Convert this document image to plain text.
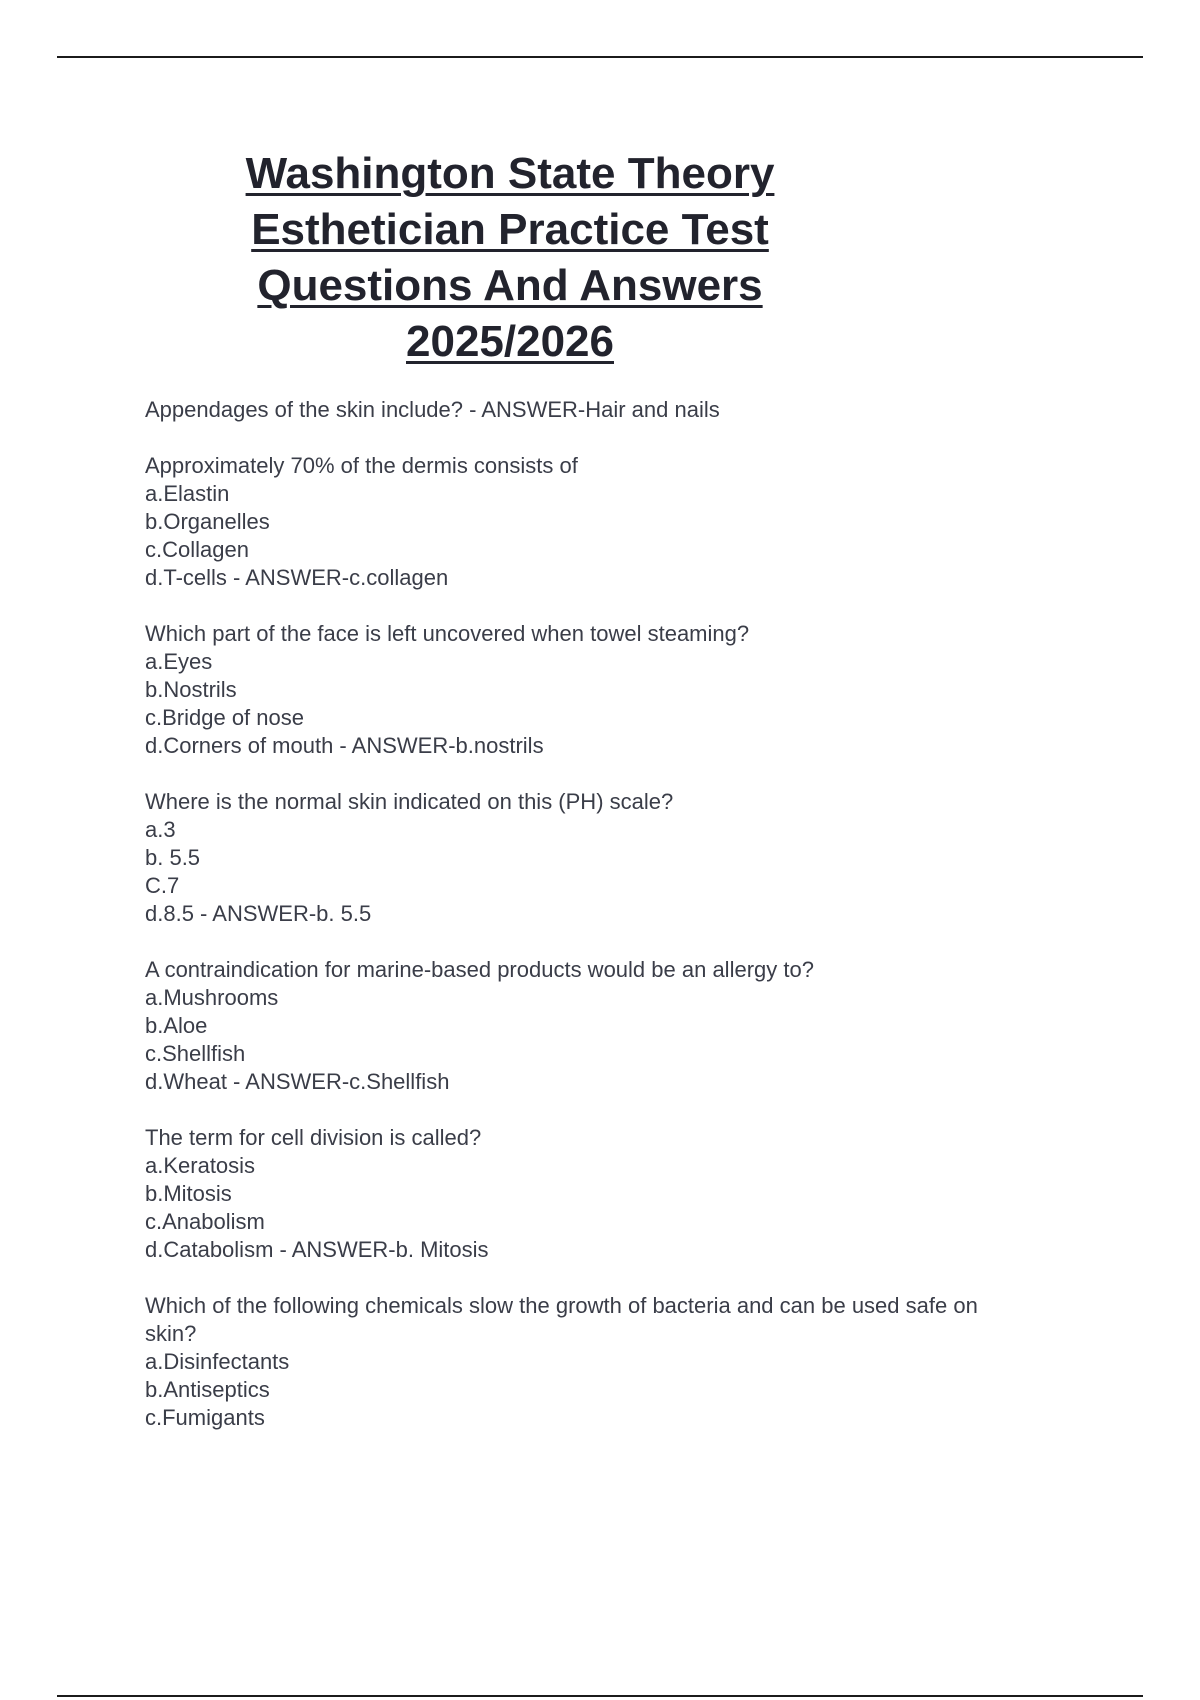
Washington State Theory
Esthetician Practice Test
Questions And Answers
2025/2026
Appendages of the skin include? - ANSWER-Hair and nails
Approximately 70% of the dermis consists of
a.Elastin
b.Organelles
c.Collagen
d.T-cells - ANSWER-c.collagen
Which part of the face is left uncovered when towel steaming?
a.Eyes
b.Nostrils
c.Bridge of nose
d.Corners of mouth - ANSWER-b.nostrils
Where is the normal skin indicated on this (PH) scale?
a.3
b. 5.5
C.7
d.8.5 - ANSWER-b. 5.5
A contraindication for marine-based products would be an allergy to?
a.Mushrooms
b.Aloe
c.Shellfish
d.Wheat - ANSWER-c.Shellfish
The term for cell division is called?
a.Keratosis
b.Mitosis
c.Anabolism
d.Catabolism - ANSWER-b. Mitosis
Which of the following chemicals slow the growth of bacteria and can be used safe on
skin?
a.Disinfectants
b.Antiseptics
c.Fumigants
